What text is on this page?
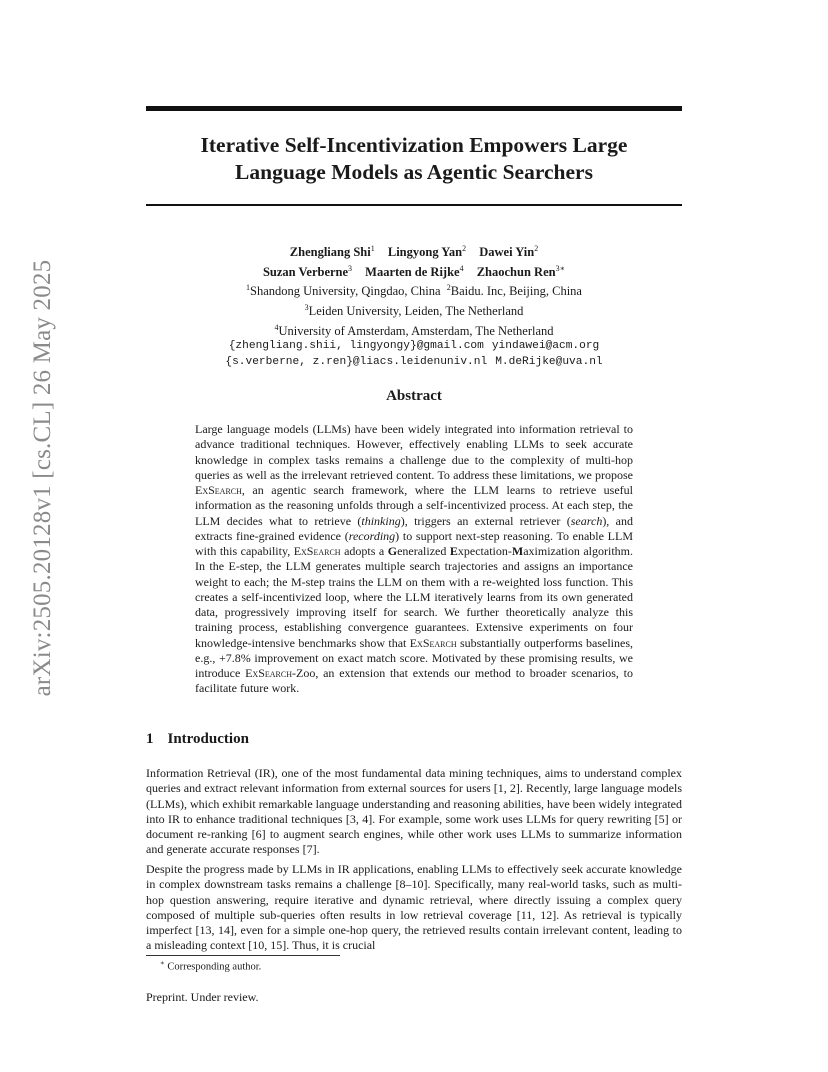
arXiv:2505.20128v1 [cs.CL] 26 May 2025
Iterative Self-Incentivization Empowers Large
Language Models as Agentic Searchers
Zhengliang Shi$^1$ Lingyong Yan$^2$ Dawei Yin$^2$
Suzan Verberne$^3$ Maarten de Rijke$^4$ Zhaochun Ren$^{3∗}$
$^1$Shandong University, Qingdao, China $^2$Baidu. Inc, Beijing, China
$^3$Leiden University, Leiden, The Netherland
$^4$University of Amsterdam, Amsterdam, The Netherland
{zhengliang.shii, lingyongy}@gmail.com yindawei@acm.org
{s.verberne, z.ren}@liacs.leidenuniv.nl M.deRijke@uva.nl
Abstract
Large language models (LLMs) have been widely integrated into information retrieval to advance traditional techniques. However, effectively enabling LLMs to seek accurate knowledge in complex tasks remains a challenge due to the complexity of multi-hop queries as well as the irrelevant retrieved content. To address these limitations, we propose ExSearch, an agentic search framework, where the LLM learns to retrieve useful information as the reasoning unfolds through a self-incentivized process. At each step, the LLM decides what to retrieve (thinking), triggers an external retriever (search), and extracts fine-grained evidence (recording) to support next-step reasoning. To enable LLM with this capability, ExSearch adopts a Generalized Expectation-Maximization algorithm. In the E-step, the LLM generates multiple search trajectories and assigns an importance weight to each; the M-step trains the LLM on them with a re-weighted loss function. This creates a self-incentivized loop, where the LLM iteratively learns from its own generated data, progressively improving itself for search. We further theoretically analyze this training process, establishing convergence guarantees. Extensive experiments on four knowledge-intensive benchmarks show that ExSearch substantially outperforms baselines, e.g., +7.8% improvement on exact match score. Motivated by these promising results, we introduce ExSearch-Zoo, an extension that extends our method to broader scenarios, to facilitate future work.
1 Introduction
Information Retrieval (IR), one of the most fundamental data mining techniques, aims to understand complex queries and extract relevant information from external sources for users [1, 2]. Recently, large language models (LLMs), which exhibit remarkable language understanding and reasoning abilities, have been widely integrated into IR to enhance traditional techniques [3, 4]. For example, some work uses LLMs for query rewriting [5] or document re-ranking [6] to augment search engines, while other work uses LLMs to summarize information and generate accurate responses [7].
Despite the progress made by LLMs in IR applications, enabling LLMs to effectively seek accurate knowledge in complex downstream tasks remains a challenge [8–10]. Specifically, many real-world tasks, such as multi-hop question answering, require iterative and dynamic retrieval, where directly issuing a complex query composed of multiple sub-queries often results in low retrieval coverage [11, 12]. As retrieval is typically imperfect [13, 14], even for a simple one-hop query, the retrieved results contain irrelevant content, leading to a misleading context [10, 15]. Thus, it is crucial
∗ Corresponding author.
Preprint. Under review.
